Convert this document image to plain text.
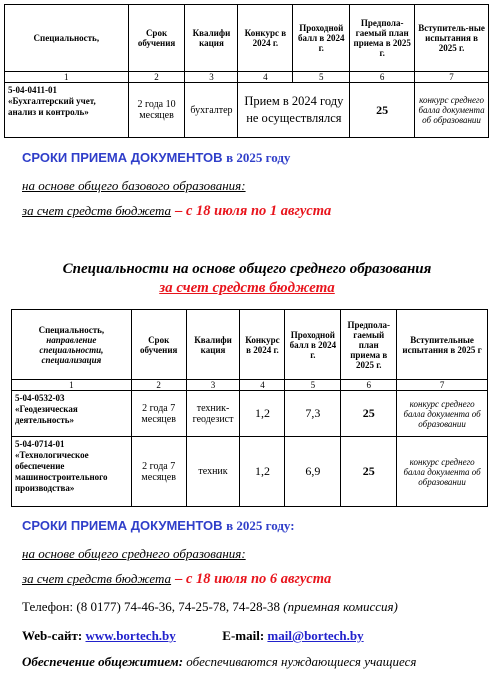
Специальность,	Срок обучения	Квалифи кация	Конкурс в 2024 г.	Проходной балл в 2024 г.	Предпола-гаемый план приема в 2025 г.	Вступитель-ные испытания в 2025 г.
1	2	3	4	5	6	7

5-04-0411-01
«Бухгалтерский учет, анализ и контроль»	2 года 10 месяцев	бухгалтер	Прием в 2024 году не осуществлялся		25	конкурс среднего балла документа об образовании
СРОКИ ПРИЕМА ДОКУМЕНТОВ в 2025 году
на основе общего базового образования:
за счет средств бюджета – с 18 июля по 1 августа
Специальности на основе общего среднего образования
за счет средств бюджета
Специальность,
направление специальности, специализация	Срок обучения	Квалифи кация	Конкурс в 2024 г.	Проходной балл в 2024 г.	Предпола-гаемый план приема в 2025 г.	Вступительные испытания в 2025 г
1	2	3	4	5	6	7

5-04-0532-03
«Геодезическая деятельность»	2 года 7 месяцев	техник-геодезист	1,2	7,3	25	конкурс среднего балла документа об образовании

5-04-0714-01
«Технологическое обеспечение машиностроительного производства»	2 года 7 месяцев	техник	1,2	6,9	25	конкурс среднего балла документа об образовании
СРОКИ ПРИЕМА ДОКУМЕНТОВ в 2025 году:
на основе общего среднего образования:
за счет средств бюджета – с 18 июля по 6 августа
Телефон: (8 0177) 74-46-36, 74-25-78, 74-28-38 (приемная комиссия)
Web-сайт: www.bortech.by	E-mail: mail@bortech.by
Обеспечение общежитием: обеспечиваются нуждающиеся учащиеся
